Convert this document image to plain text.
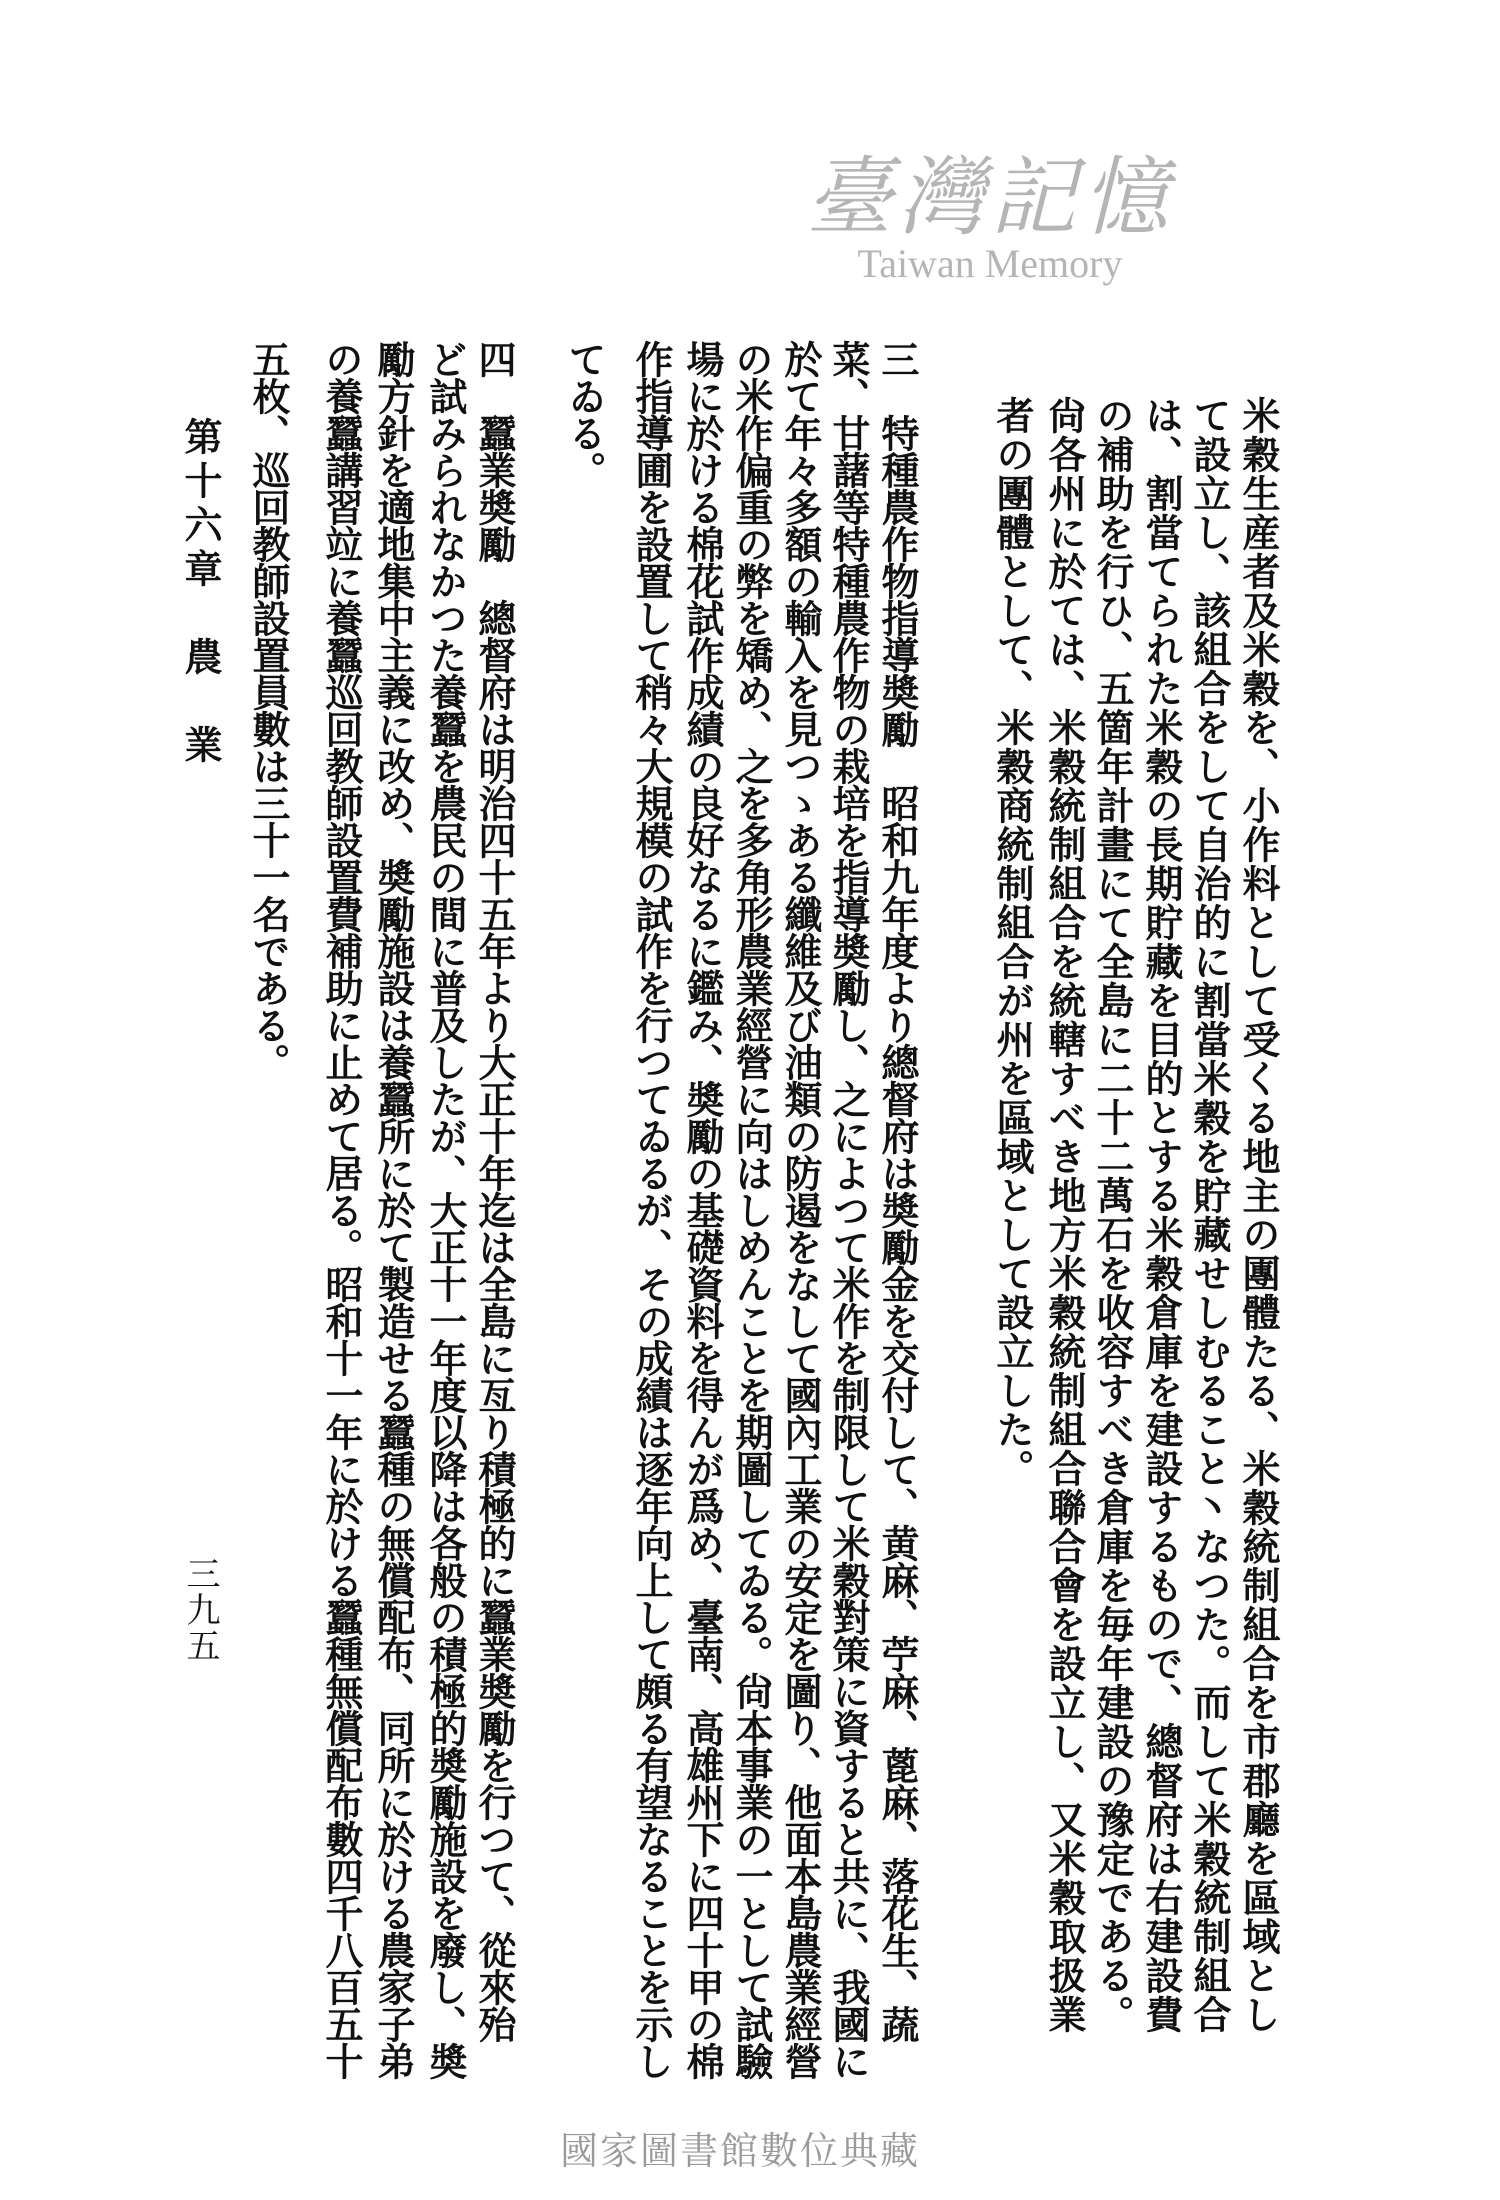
米穀生産者及米穀を、小作料として受くる地主の團體たる、米穀統制組合を市郡廳を區域とし
て設立し、該組合をして自治的に割當米穀を貯藏せしむること丶なつた。而して米穀統制組合
は、割當てられた米穀の長期貯藏を目的とする米穀倉庫を建設するもので、總督府は右建設費
の補助を行ひ、五箇年計畫にて全島に二十二萬石を收容すべき倉庫を毎年建設の豫定である。
尙各州に於ては、米穀統制組合を統轄すべき地方米穀統制組合聯合會を設立し、又米穀取扱業
者の團體として、米穀商統制組合が州を區域として設立した。
三　特種農作物指導奬勵　昭和九年度より總督府は奬勵金を交付して、黄麻、苧麻、蓖麻、落花生、蔬
菜、甘藷等特種農作物の栽培を指導奬勵し、之によつて米作を制限して米穀對策に資すると共に、我國に
於て年々多額の輸入を見つゝある纖維及び油類の防遏をなして國內工業の安定を圖り、他面本島農業經營
の米作偏重の弊を矯め、之を多角形農業經營に向はしめんことを期圖してゐる。尙本事業の一として試驗
場に於ける棉花試作成績の良好なるに鑑み、奬勵の基礎資料を得んが爲め、臺南、高雄州下に四十甲の棉
作指導圃を設置して稍々大規模の試作を行つてゐるが、その成績は逐年向上して頗る有望なることを示し
てゐる。
四　蠶業奬勵　總督府は明治四十五年より大正十年迄は全島に亙り積極的に蠶業奬勵を行つて、從來殆
ど試みられなかつた養蠶を農民の間に普及したが、大正十一年度以降は各般の積極的奬勵施設を廢し、奬
勵方針を適地集中主義に改め、奬勵施設は養蠶所に於て製造せる蠶種の無償配布、同所に於ける農家子弟
の養蠶講習竝に養蠶巡回教師設置費補助に止めて居る。昭和十一年に於ける蠶種無償配布數四千八百五十
五枚、巡回教師設置員數は三十一名である。
第十六章　農　業
三九五
臺灣記憶
Taiwan Memory
國家圖書館數位典藏
